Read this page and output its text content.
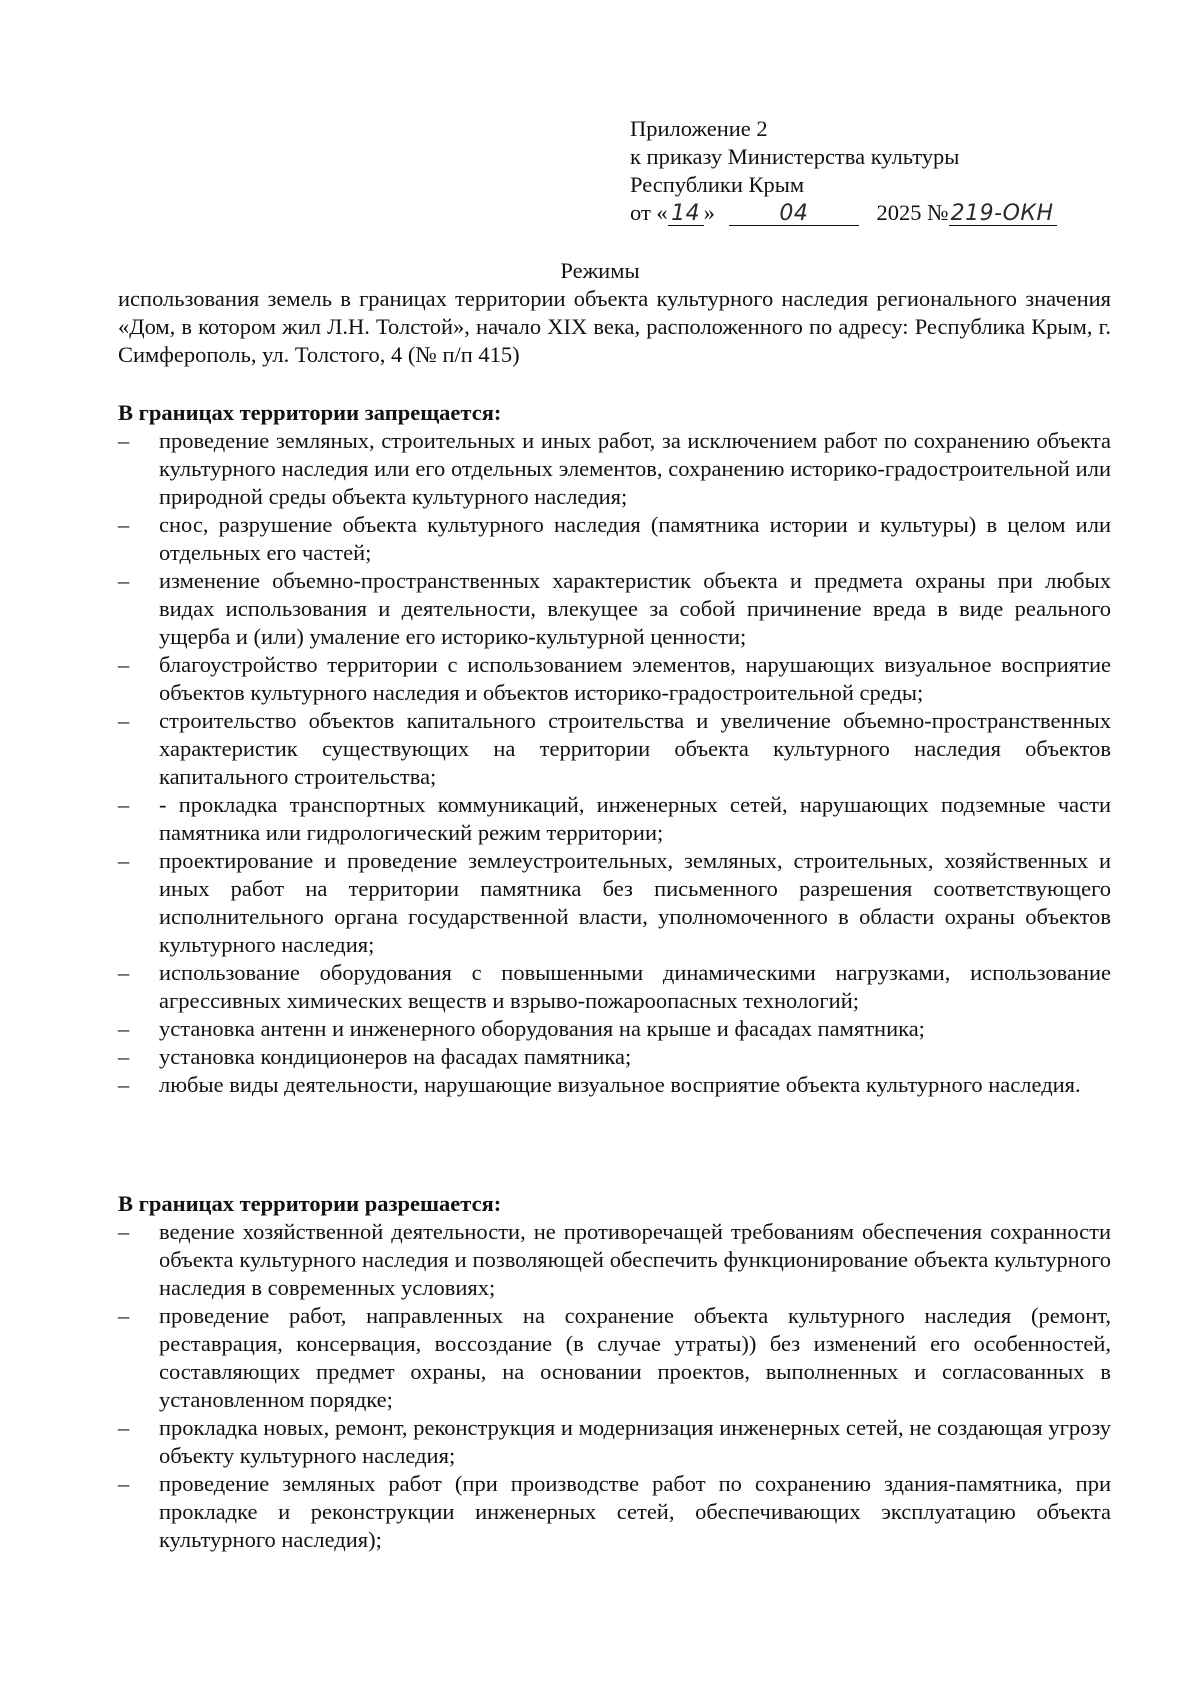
Приложение 2
к приказу Министерства культуры
Республики Крым
от « 14 »	04	2025 №219-ОКН
Режимы
использования земель в границах территории объекта культурного наследия регионального значения «Дом, в котором жил Л.Н. Толстой», начало XIX века, расположенного по адресу: Республика Крым, г. Симферополь, ул. Толстого, 4 (№ п/п 415)
В границах территории запрещается:
–	проведение земляных, строительных и иных работ, за исключением работ по сохранению объекта культурного наследия или его отдельных элементов, сохранению историко-градостроительной или природной среды объекта культурного наследия;
–	снос, разрушение объекта культурного наследия (памятника истории и культуры) в целом или отдельных его частей;
–	изменение объемно-пространственных характеристик объекта и предмета охраны при любых видах использования и деятельности, влекущее за собой причинение вреда в виде реального ущерба и (или) умаление его историко-культурной ценности;
–	благоустройство территории с использованием элементов, нарушающих визуальное восприятие объектов культурного наследия и объектов историко-градостроительной среды;
–	строительство объектов капитального строительства и увеличение объемно-пространственных характеристик существующих на территории объекта культурного наследия объектов капитального строительства;
–	- прокладка транспортных коммуникаций, инженерных сетей, нарушающих подземные части памятника или гидрологический режим территории;
–	проектирование и проведение землеустроительных, земляных, строительных, хозяйственных и иных работ на территории памятника без письменного разрешения соответствующего исполнительного органа государственной власти, уполномоченного в области охраны объектов культурного наследия;
–	использование оборудования с повышенными динамическими нагрузками, использование агрессивных химических веществ и взрыво-пожароопасных технологий;
–	установка антенн и инженерного оборудования на крыше и фасадах памятника;
–	установка кондиционеров на фасадах памятника;
–	любые виды деятельности, нарушающие визуальное восприятие объекта культурного наследия.
В границах территории разрешается:
–	ведение хозяйственной деятельности, не противоречащей требованиям обеспечения сохранности объекта культурного наследия и позволяющей обеспечить функционирование объекта культурного наследия в современных условиях;
–	проведение работ, направленных на сохранение объекта культурного наследия (ремонт, реставрация, консервация, воссоздание (в случае утраты)) без изменений его особенностей, составляющих предмет охраны, на основании проектов, выполненных и согласованных в установленном порядке;
–	прокладка новых, ремонт, реконструкция и модернизация инженерных сетей, не создающая угрозу объекту культурного наследия;
–	проведение земляных работ (при производстве работ по сохранению здания-памятника, при прокладке и реконструкции инженерных сетей, обеспечивающих эксплуатацию объекта культурного наследия);
